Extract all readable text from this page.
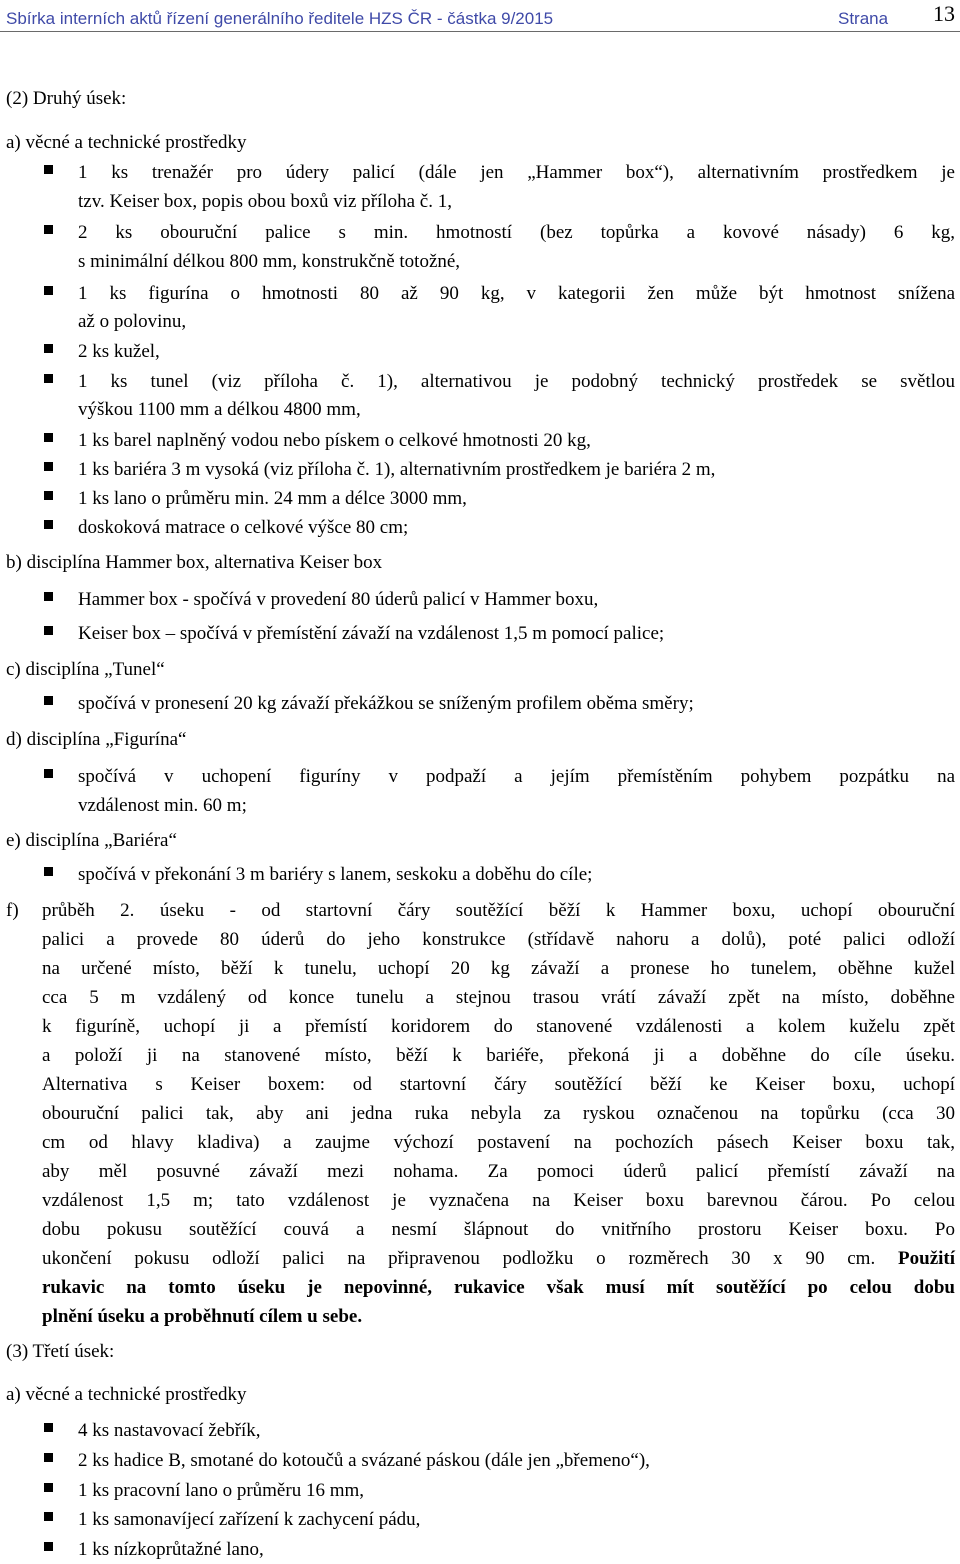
Sbírka interních aktů řízení generálního ředitele HZS ČR - částka 9/2015	Strana 13
(2) Druhý úsek:
a) věcné a technické prostředky
1 ks trenažér pro údery palicí (dále jen „Hammer box“), alternativním prostředkem je
tzv. Keiser box, popis obou boxů viz příloha č. 1,
2 ks obouruční palice s min. hmotností (bez topůrka a kovové násady) 6 kg,
s minimální délkou 800 mm, konstrukčně totožné,
1 ks figurína o hmotnosti 80 až 90 kg, v kategorii žen může být hmotnost snížena
až o polovinu,
2 ks kužel,
1 ks tunel (viz příloha č. 1), alternativou je podobný technický prostředek se světlou
výškou 1100 mm a délkou 4800 mm,
1 ks barel naplněný vodou nebo pískem o celkové hmotnosti 20 kg,
1 ks bariéra 3 m vysoká (viz příloha č. 1), alternativním prostředkem je bariéra 2 m,
1 ks lano o průměru min. 24 mm a délce 3000 mm,
doskoková matrace o celkové výšce 80 cm;
b) disciplína Hammer box, alternativa Keiser box
Hammer box - spočívá v provedení 80 úderů palicí v Hammer boxu,
Keiser box – spočívá v přemístění závaží na vzdálenost 1,5 m pomocí palice;
c) disciplína „Tunel“
spočívá v pronesení 20 kg závaží překážkou se sníženým profilem oběma směry;
d) disciplína „Figurína“
spočívá v uchopení figuríny v podpaží a jejím přemístěním pohybem pozpátku na
vzdálenost min. 60 m;
e) disciplína „Bariéra“
spočívá v překonání 3 m bariéry s lanem, seskoku a doběhu do cíle;
f) průběh 2. úseku - od startovní čáry soutěžící běží k Hammer boxu, uchopí obouruční
palici a provede 80 úderů do jeho konstrukce (střídavě nahoru a dolů), poté palici odloží
na určené místo, běží k tunelu, uchopí 20 kg závaží a pronese ho tunelem, oběhne kužel
cca 5 m vzdálený od konce tunelu a stejnou trasou vrátí závaží zpět na místo, doběhne
k figuríně, uchopí ji a přemístí koridorem do stanovené vzdálenosti a kolem kuželu zpět
a položí ji na stanovené místo, běží k bariéře, překoná ji a doběhne do cíle úseku.
Alternativa s Keiser boxem: od startovní čáry soutěžící běží ke Keiser boxu, uchopí
obouruční palici tak, aby ani jedna ruka nebyla za ryskou označenou na topůrku (cca 30
cm od hlavy kladiva) a zaujme výchozí postavení na pochozích pásech Keiser boxu tak,
aby měl posuvné závaží mezi nohama. Za pomoci úderů palicí přemístí závaží na
vzdálenost 1,5 m; tato vzdálenost je vyznačena na Keiser boxu barevnou čárou. Po celou
dobu pokusu soutěžící couvá a nesmí šlápnout do vnitřního prostoru Keiser boxu. Po
ukončení pokusu odloží palici na připravenou podložku o rozměrech 30 x 90 cm. Použití
rukavic na tomto úseku je nepovinné, rukavice však musí mít soutěžící po celou dobu
plnění úseku a proběhnutí cílem u sebe.
(3) Třetí úsek:
a) věcné a technické prostředky
4 ks nastavovací žebřík,
2 ks hadice B, smotané do kotoučů a svázané páskou (dále jen „břemeno“),
1 ks pracovní lano o průměru 16 mm,
1 ks samonavíjecí zařízení k zachycení pádu,
1 ks nízkoprůtažné lano,
